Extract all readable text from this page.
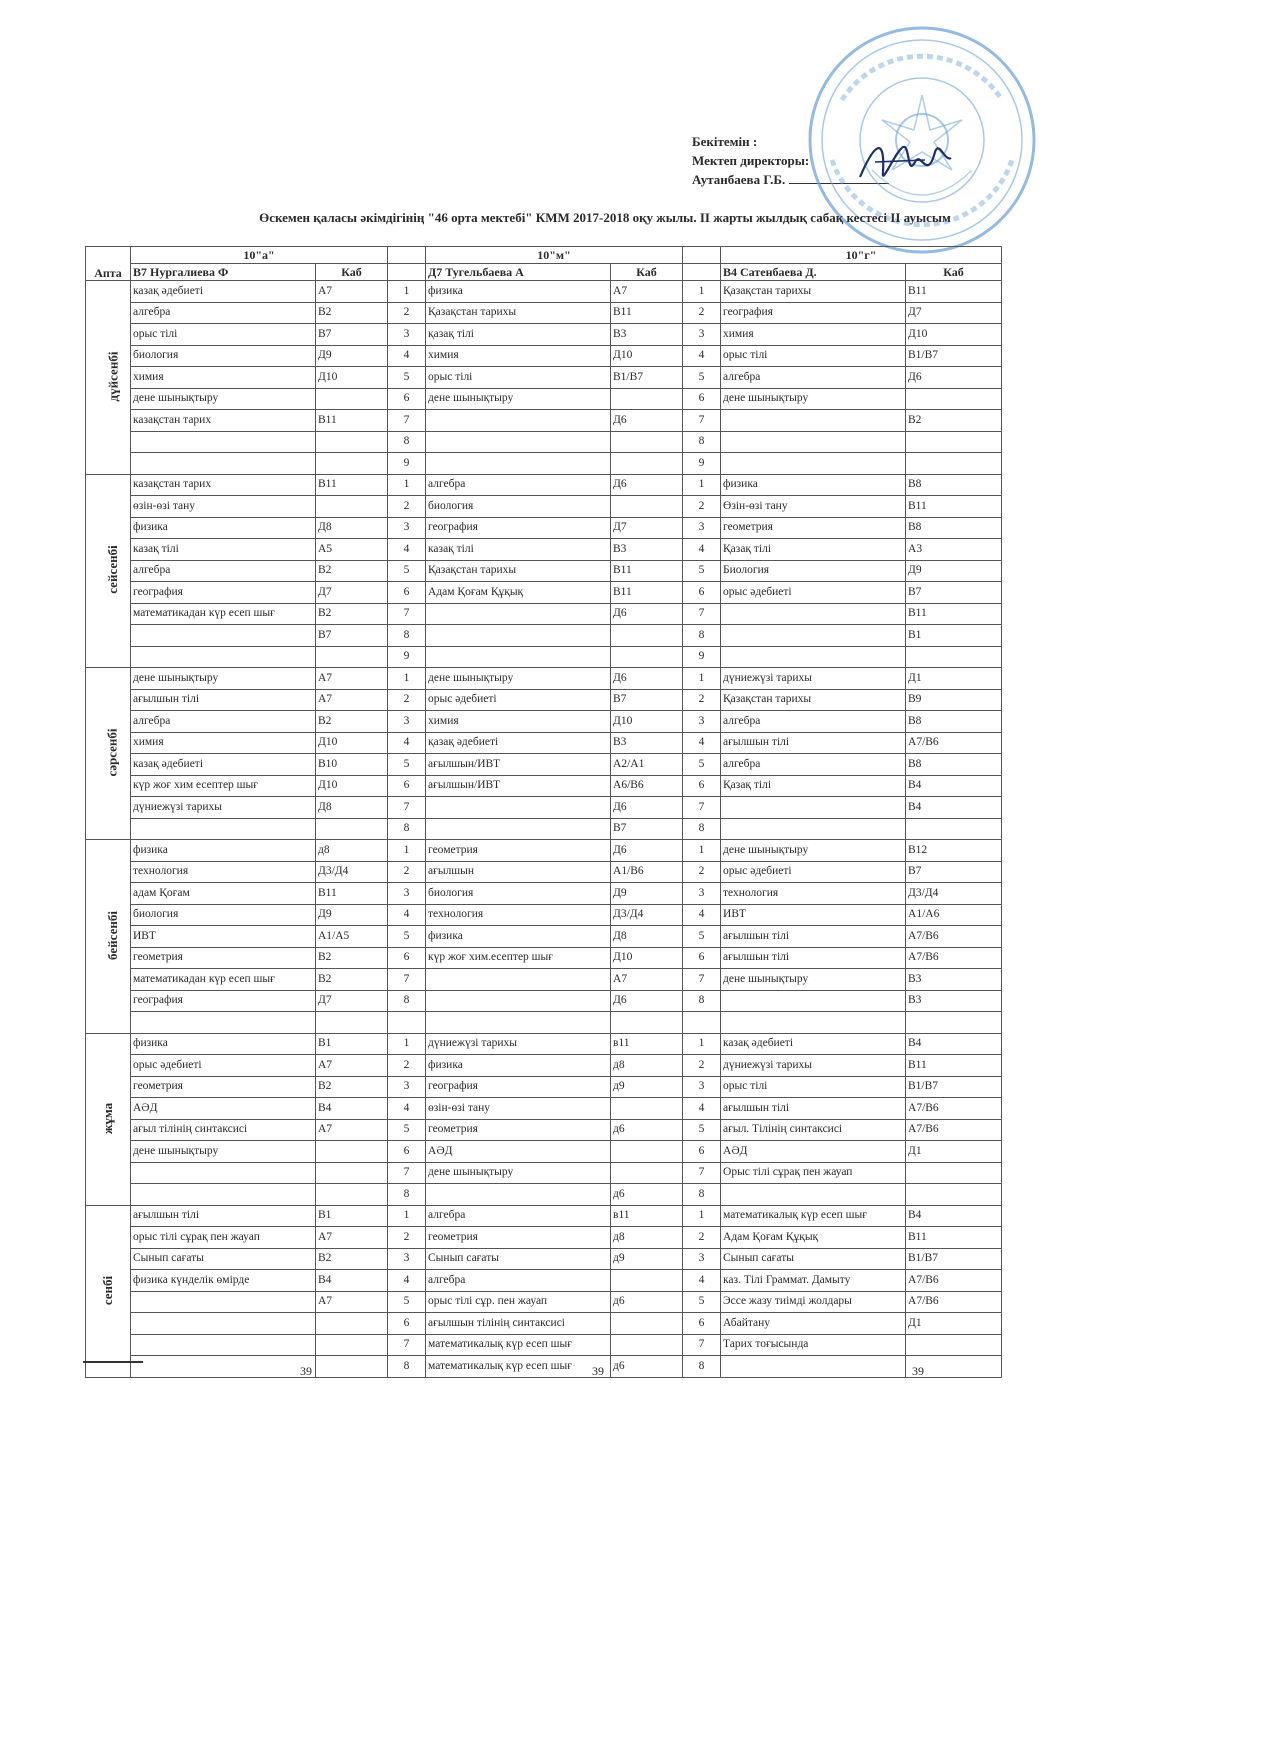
Бекітемін :
Мектеп директоры:
Аутанбаева Г.Б.
Өскемен қаласы әкімдігінің "46 орта мектебі" КММ 2017-2018 оқу жылы. II жарты жылдық сабақ кестесі II ауысым
Апта	10"а"			10"м"			10"г"	
	В7 Нургалиева Ф	Каб		Д7 Тугельбаева А	Каб		В4 Сатенбаева Д.	Каб
дүйсенбі	казақ әдебиеті	А7	1	физика	А7	1	Қазақстан тарихы	В11
	алгебра	В2	2	Қазақстан тарихы	В11	2	география	Д7
	орыс тілі	В7	3	қазақ тілі	В3	3	химия	Д10
	биология	Д9	4	химия	Д10	4	орыс тілі	В1/В7
	химия	Д10	5	орыс тілі	В1/В7	5	алгебра	Д6
	дене шынықтыру		6	дене шынықтыру		6	дене шынықтыру	
	казақстан тарих	В11	7		Д6	7		В2
			8			8		
			9			9		
сейсенбі	казақстан тарих	В11	1	алгебра	Д6	1	физика	В8
	өзін-өзі тану		2	биология		2	Өзін-өзі тану	В11
	физика	Д8	3	география	Д7	3	геометрия	В8
	казақ тілі	А5	4	казақ тілі	В3	4	Қазақ тілі	А3
	алгебра	В2	5	Қазақстан тарихы	В11	5	Биология	Д9
	география	Д7	6	Адам Қоғам Құқық	В11	6	орыс әдебиеті	В7
	математикадан күр есеп шығ	В2	7		Д6	7		В11
		В7	8			8		В1
			9			9		
сәрсенбі	дене шынықтыру	А7	1	дене шынықтыру	Д6	1	дүниежүзі тарихы	Д1
	ағылшын тілі	А7	2	орыс әдебиеті	В7	2	Қазақстан тарихы	В9
	алгебра	В2	3	химия	Д10	3	алгебра	В8
	химия	Д10	4	қазақ әдебиеті	В3	4	ағылшын тілі	А7/В6
	казақ әдебиеті	В10	5	ағылшын/ИВТ	А2/А1	5	алгебра	В8
	күр жоғ хим есептер шығ	Д10	6	ағылшын/ИВТ	А6/В6	6	Қазақ тілі	В4
	дүниежүзі тарихы	Д8	7		Д6	7		В4
			8		В7	8		
бейсенбі	физика	д8	1	геометрия	Д6	1	дене шынықтыру	В12
	технология	Д3/Д4	2	ағылшын	А1/В6	2	орыс әдебиеті	В7
	адам Қоғам	В11	3	биология	Д9	3	технология	Д3/Д4
	биология	Д9	4	технология	Д3/Д4	4	ИВТ	А1/А6
	ИВТ	А1/А5	5	физика	Д8	5	ағылшын тілі	А7/В6
	геометрия	В2	6	күр жоғ хим.есептер шығ	Д10	6	ағылшын тілі	А7/В6
	математикадан күр есеп шығ	В2	7		А7	7	дене шынықтыру	В3
	география	Д7	8		Д6	8		В3

жұма	физика	В1	1	дүниежүзі тарихы	в11	1	казақ әдебиеті	В4
	орыс әдебиеті	А7	2	физика	д8	2	дүниежүзі тарихы	В11
	геометрия	В2	3	география	д9	3	орыс тілі	В1/В7
	АӘД	В4	4	өзін-өзі тану		4	ағылшын тілі	А7/В6
	ағыл тілінің синтаксисі	А7	5	геометрия	д6	5	ағыл. Тілінің синтаксисі	А7/В6
	дене шынықтыру		6	АӘД		6	АӘД	Д1
			7	дене шынықтыру		7	Орыс тілі сұрақ пен жауап	
			8		д6	8		
сенбі	ағылшын тілі	В1	1	алгебра	в11	1	математикалық күр есеп шығ	В4
	орыс тілі сұрақ пен жауап	А7	2	геометрия	д8	2	Адам Қоғам Құқық	В11
	Сынып сағаты	В2	3	Сынып сағаты	д9	3	Сынып сағаты	В1/В7
	физика күнделік өмірде	В4	4	алгебра		4	каз. Тілі Граммат. Дамыту	А7/В6
		А7	5	орыс тілі сұр. пен жауап	д6	5	Эссе жазу тиімді жолдары	А7/В6
			6	ағылшын тілінің синтаксисі		6	Абайтану	Д1
			7	математикалық күр есеп шығ		7	Тарих тоғысында	
			8	математикалық күр есеп шығ	д6	8		
39	39	39
